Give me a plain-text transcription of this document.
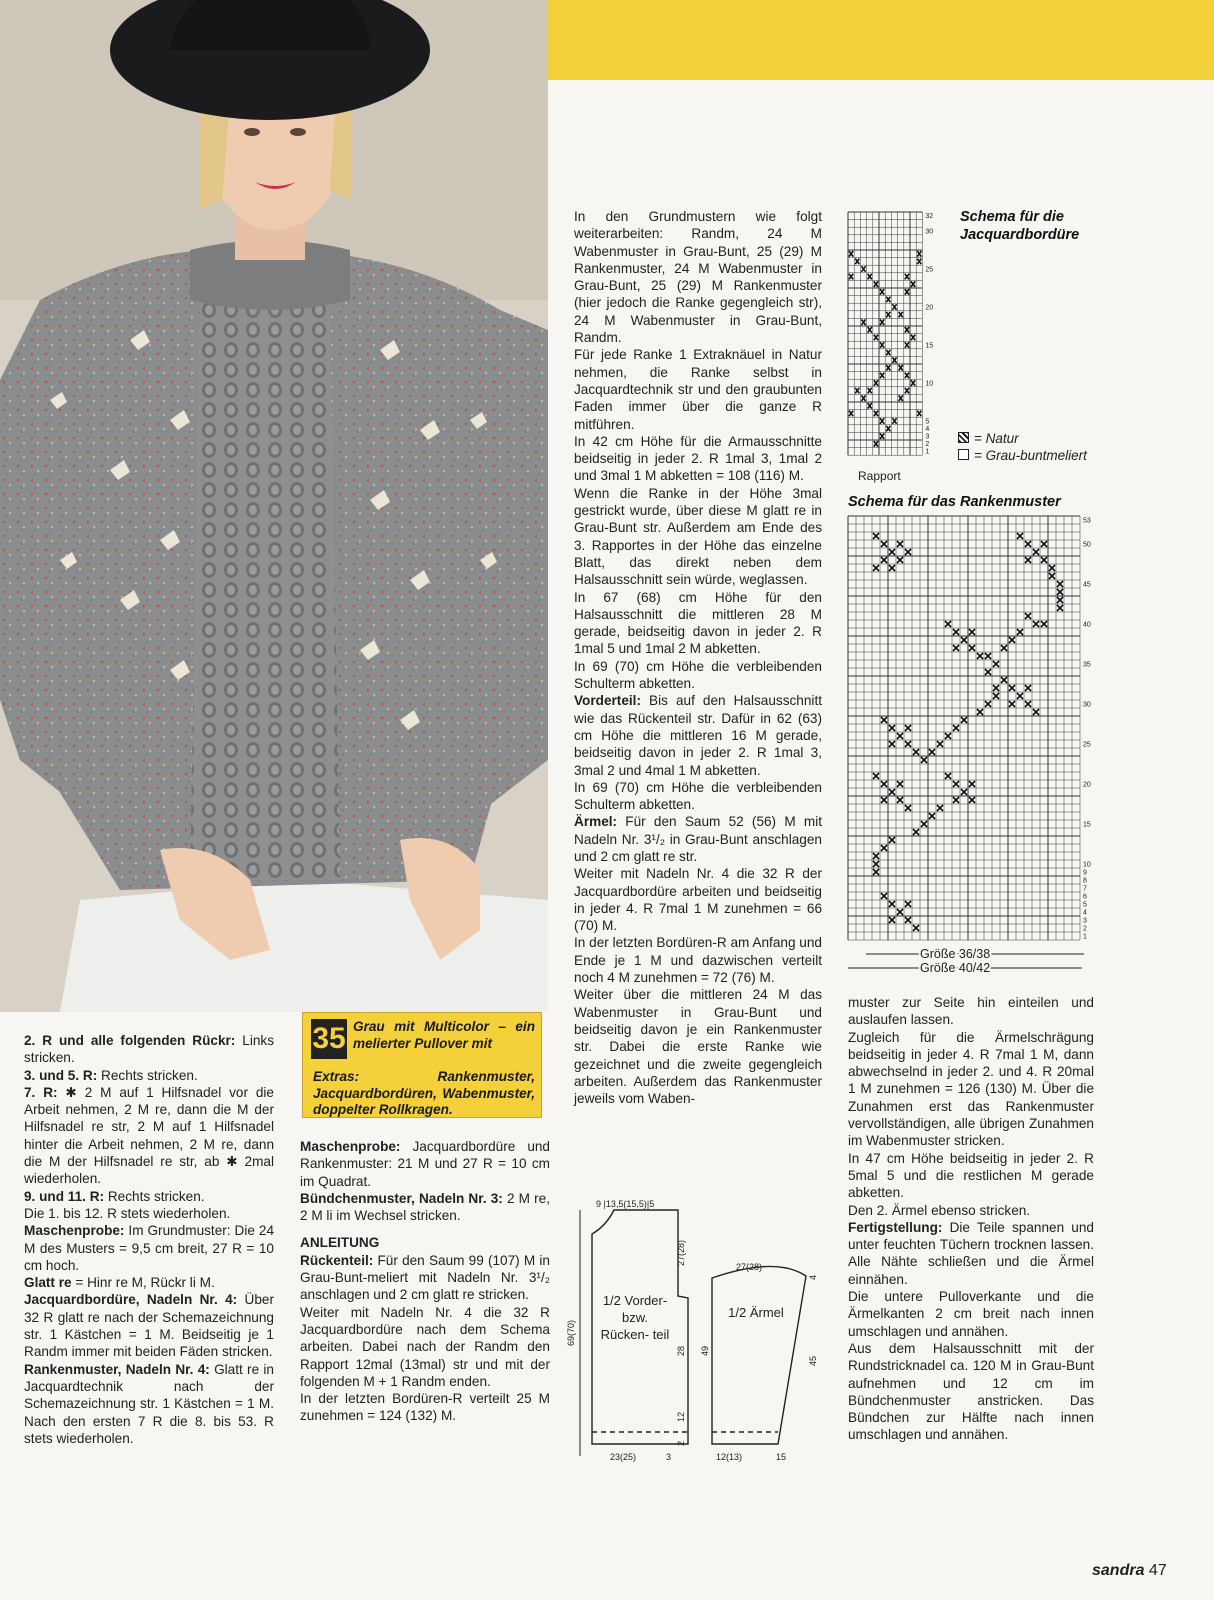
2. R und alle folgenden Rückr: Links stricken.

3. und 5. R: Rechts stricken.

7. R: ✱ 2 M auf 1 Hilfsnadel vor die Arbeit nehmen, 2 M re, dann die M der Hilfsnadel re str, 2 M auf 1 Hilfsnadel hinter die Arbeit nehmen, 2 M re, dann die M der Hilfsnadel re str, ab ✱ 2mal wiederholen.

9. und 11. R: Rechts stricken.

Die 1. bis 12. R stets wiederholen.

Maschenprobe: Im Grundmuster: Die 24 M des Musters = 9,5 cm breit, 27 R = 10 cm hoch.

Glatt re = Hinr re M, Rückr li M.

Jacquardbordüre, Nadeln Nr. 4: Über 32 R glatt re nach der Schemazeichnung str. 1 Kästchen = 1 M. Beidseitig je 1 Randm immer mit beiden Fäden stricken.

Rankenmuster, Nadeln Nr. 4: Glatt re in Jacquardtechnik nach der Schemazeichnung str. 1 Kästchen = 1 M. Nach den ersten 7 R die 8. bis 53. R stets wiederholen.

35 Grau mit Multicolor – ein melierter Pullover mit
Extras: Rankenmuster, Jacquardbordüren, Wabenmuster, doppelter Rollkragen.

Maschenprobe: Jacquardbordüre und Rankenmuster: 21 M und 27 R = 10 cm im Quadrat.

Bündchenmuster, Nadeln Nr. 3: 2 M re, 2 M li im Wechsel stricken.

ANLEITUNG

Rückenteil: Für den Saum 99 (107) M in Grau-Bunt-meliert mit Nadeln Nr. 3¹/₂ anschlagen und 2 cm glatt re stricken.

Weiter mit Nadeln Nr. 4 die 32 R Jacquardbordüre nach dem Schema arbeiten. Dabei nach der Randm den Rapport 12mal (13mal) str und mit der folgenden M + 1 Randm enden.

In der letzten Bordüren-R verteilt 25 M zunehmen = 124 (132) M.

In den Grundmustern wie folgt weiterarbeiten: Randm, 24 M Wabenmuster in Grau-Bunt, 25 (29) M Rankenmuster, 24 M Wabenmuster in Grau-Bunt, 25 (29) M Rankenmuster (hier jedoch die Ranke gegengleich str), 24 M Wabenmuster in Grau-Bunt, Randm.

Für jede Ranke 1 Extraknäuel in Natur nehmen, die Ranke selbst in Jacquardtechnik str und den graubunten Faden immer über die ganze R mitführen.

In 42 cm Höhe für die Armausschnitte beidseitig in jeder 2. R 1mal 3, 1mal 2 und 3mal 1 M abketten = 108 (116) M.

Wenn die Ranke in der Höhe 3mal gestrickt wurde, über diese M glatt re in Grau-Bunt str. Außerdem am Ende des 3. Rapportes in der Höhe das einzelne Blatt, das direkt neben dem Halsausschnitt sein würde, weglassen.

In 67 (68) cm Höhe für den Halsausschnitt die mittleren 28 M gerade, beidseitig davon in jeder 2. R 1mal 5 und 1mal 2 M abketten.

In 69 (70) cm Höhe die verbleibenden Schulterm abketten.

Vorderteil: Bis auf den Halsausschnitt wie das Rückenteil str. Dafür in 62 (63) cm Höhe die mittleren 16 M gerade, beidseitig davon in jeder 2. R 1mal 3, 3mal 2 und 4mal 1 M abketten.

In 69 (70) cm Höhe die verbleibenden Schulterm abketten.

Ärmel: Für den Saum 52 (56) M mit Nadeln Nr. 3¹/₂ in Grau-Bunt anschlagen und 2 cm glatt re str.

Weiter mit Nadeln Nr. 4 die 32 R der Jacquardbordüre arbeiten und beidseitig in jeder 4. R 7mal 1 M zunehmen = 66 (70) M.

In der letzten Bordüren-R am Anfang und Ende je 1 M und dazwischen verteilt noch 4 M zunehmen = 72 (76) M.

Weiter über die mittleren 24 M das Wabenmuster in Grau-Bunt und beidseitig davon je ein Rankenmuster str. Dabei die erste Ranke wie gezeichnet und die zweite gegengleich arbeiten. Außerdem das Rankenmuster jeweils vom Waben-

muster zur Seite hin einteilen und auslaufen lassen.

Zugleich für die Ärmelschrägung beidseitig in jeder 4. R 7mal 1 M, dann abwechselnd in jeder 2. und 4. R 20mal 1 M zunehmen = 126 (130) M. Über die Zunahmen erst das Rankenmuster vervollständigen, alle übrigen Zunahmen im Wabenmuster stricken.

In 47 cm Höhe beidseitig in jeder 2. R 5mal 5 und die restlichen M gerade abketten.

Den 2. Ärmel ebenso stricken.

Fertigstellung: Die Teile spannen und unter feuchten Tüchern trocknen lassen. Alle Nähte schließen und die Ärmel einnähen.

Die untere Pulloverkante und die Ärmelkanten 2 cm breit nach innen umschlagen und annähen.

Aus dem Halsausschnitt mit der Rundstricknadel ca. 120 M in Grau-Bunt aufnehmen und 12 cm im Bündchenmuster anstricken. Das Bündchen zur Hälfte nach innen umschlagen und annähen.

Schema für die Jacquardbordüre
32
30
25
20
15
10
5
4
3
2
1
Rapport
= Natur
= Grau-buntmeliert
Schema für das Rankenmuster
53
50
45
40
35
30
25
20
15
10
9
8
7
6
5
4
3
2
1
Größe 36/38
Größe 40/42
9 |13,5(15,5)|5
27(28)
69(70)
27(28)
28
12
2
49
45
4
23(25)	3	12(13)	15
1/2 Vorder- bzw. Rücken- teil
1/2 Ärmel
sandra 47
